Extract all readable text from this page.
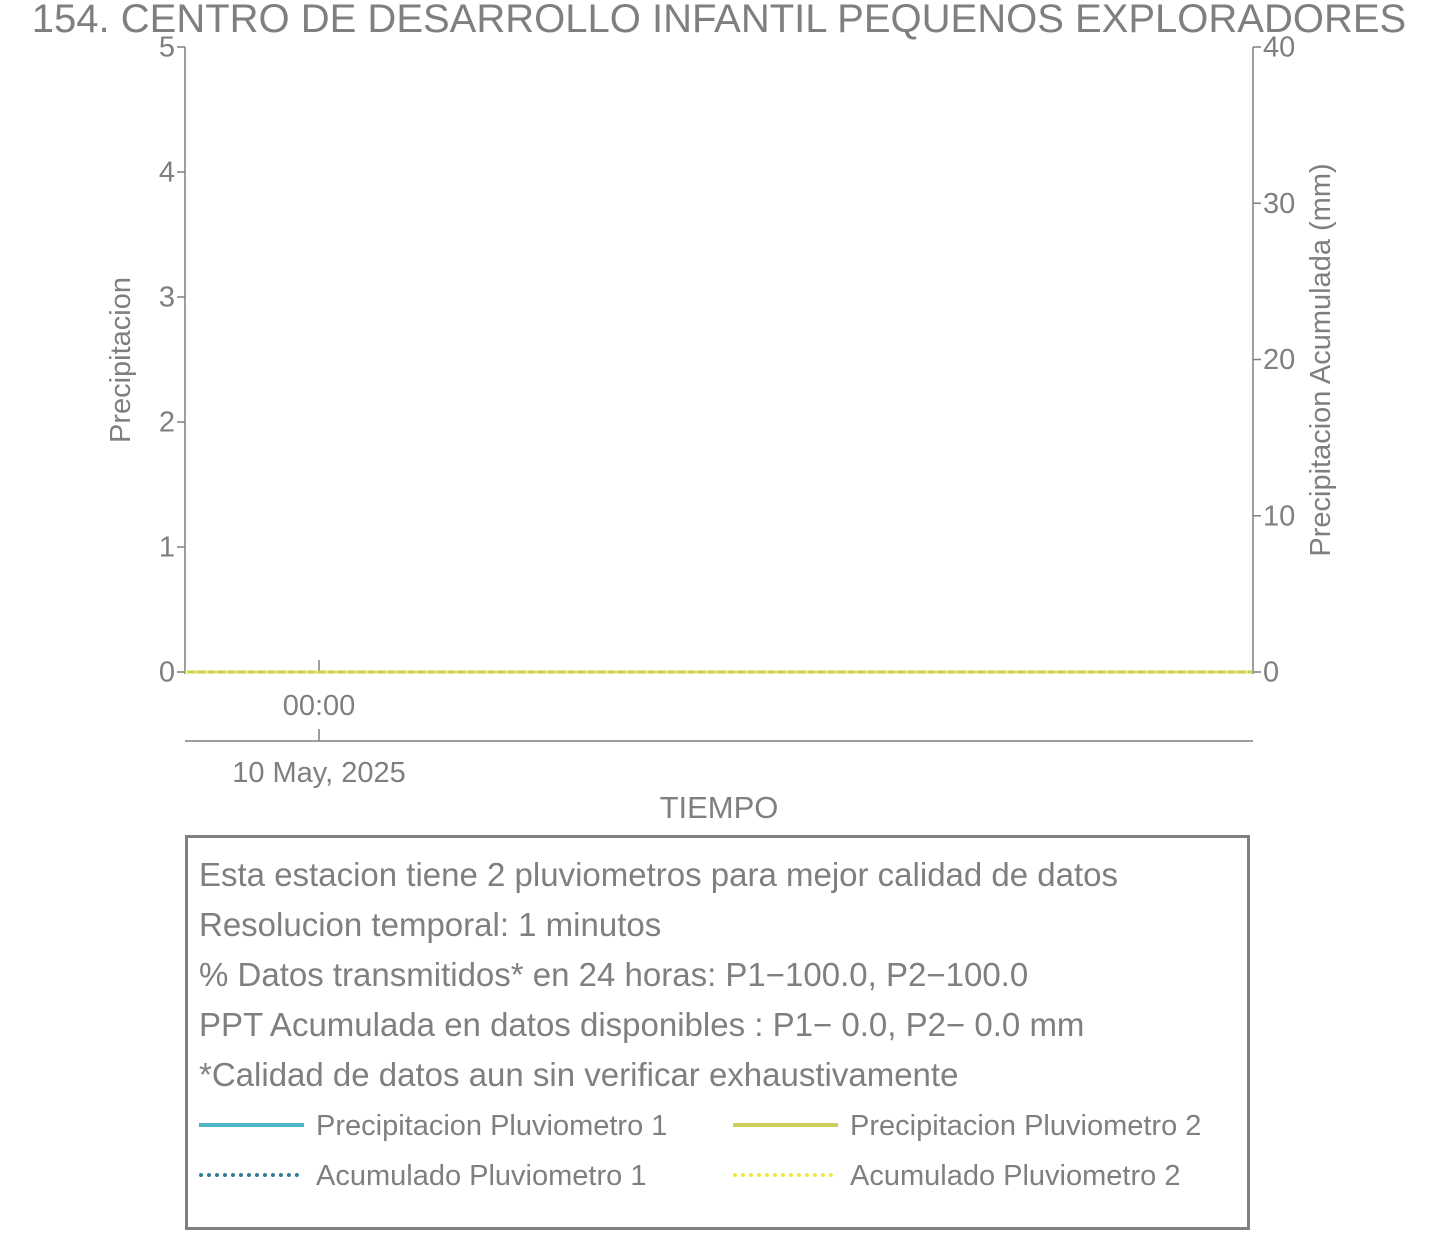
154. CENTRO DE DESARROLLO INFANTIL PEQUENOS EXPLORADORES
0
1
2
3
4
5
0
10
20
30
40
00:00
10 May, 2025
Precipitacion	Precipitacion Acumulada (mm)
TIEMPO
Esta estacion tiene 2 pluviometros para mejor calidad de datos
Resolucion temporal: 1 minutos
% Datos transmitidos* en 24 horas: P1−100.0, P2−100.0
PPT Acumulada en datos disponibles : P1− 0.0, P2− 0.0 mm
*Calidad de datos aun sin verificar exhaustivamente
Precipitacion Pluviometro 1	Precipitacion Pluviometro 2
Acumulado Pluviometro 1	Acumulado Pluviometro 2
